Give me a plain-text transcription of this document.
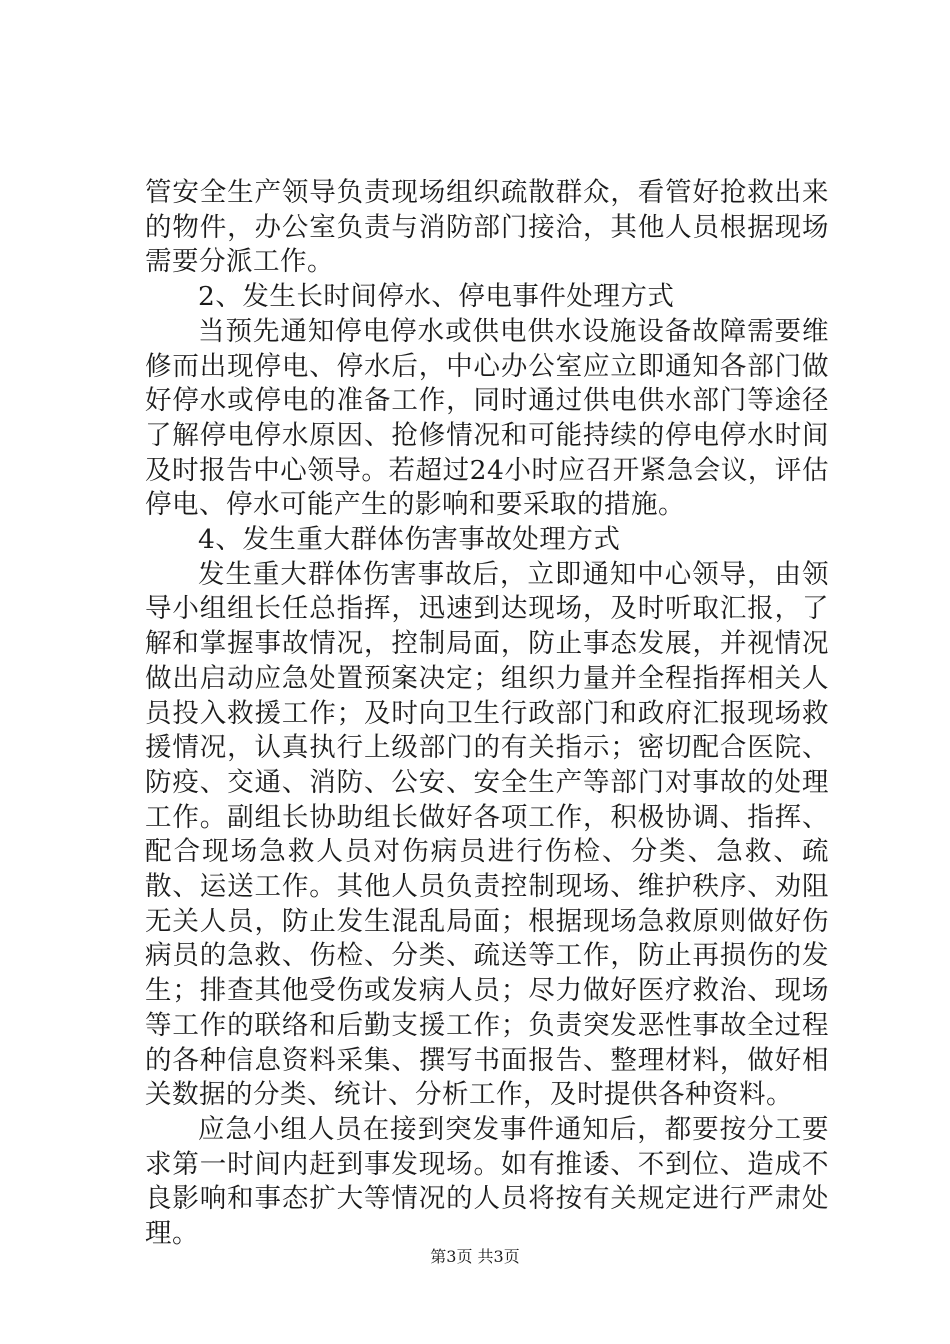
管安全生产领导负责现场组织疏散群众，看管好抢救出来的物件，办公室负责与消防部门接洽，其他人员根据现场需要分派工作。

2、发生长时间停水、停电事件处理方式

当预先通知停电停水或供电供水设施设备故障需要维修而出现停电、停水后，中心办公室应立即通知各部门做好停水或停电的准备工作，同时通过供电供水部门等途径了解停电停水原因、抢修情况和可能持续的停电停水时间及时报告中心领导。若超过24小时应召开紧急会议，评估停电、停水可能产生的影响和要采取的措施。

4、发生重大群体伤害事故处理方式

发生重大群体伤害事故后，立即通知中心领导，由领导小组组长任总指挥，迅速到达现场，及时听取汇报，了解和掌握事故情况，控制局面，防止事态发展，并视情况做出启动应急处置预案决定；组织力量并全程指挥相关人员投入救援工作；及时向卫生行政部门和政府汇报现场救援情况，认真执行上级部门的有关指示；密切配合医院、防疫、交通、消防、公安、安全生产等部门对事故的处理工作。副组长协助组长做好各项工作，积极协调、指挥、配合现场急救人员对伤病员进行伤检、分类、急救、疏散、运送工作。其他人员负责控制现场、维护秩序、劝阻无关人员，防止发生混乱局面；根据现场急救原则做好伤病员的急救、伤检、分类、疏送等工作，防止再损伤的发生；排查其他受伤或发病人员；尽力做好医疗救治、现场等工作的联络和后勤支援工作；负责突发恶性事故全过程的各种信息资料采集、撰写书面报告、整理材料，做好相关数据的分类、统计、分析工作，及时提供各种资料。

应急小组人员在接到突发事件通知后，都要按分工要求第一时间内赶到事发现场。如有推诿、不到位、造成不良影响和事态扩大等情况的人员将按有关规定进行严肃处理。

第3页 共3页
